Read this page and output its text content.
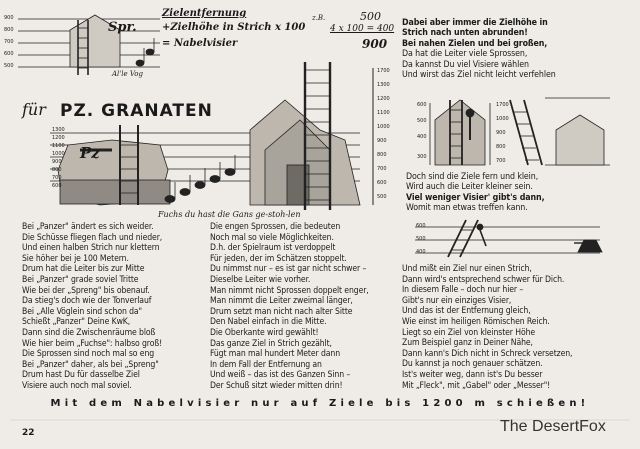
900
800
700
600
500
Spr.
Al'le Vog
Zielentfernung
+Zielhöhe in Strich x 100
= Nabelvisier
z.B.	500
4 x 100 = 400
900
für PZ. GRANATEN
Pz
1300
1200
1100
1000
900
800
700
600
1700
1300
1200
1100
1000
900
800
700
600
500
Fuchs du hast die Gans ge-stoh-len
Dabei aber immer die Zielhöhe in
Strich nach unten abrunden!
Bei nahen Zielen und bei großen,
Da hat die Leiter viele Sprossen,
Da kannst Du viel Visiere wählen
Und wirst das Ziel nicht leicht verfehlen
600
500
400
300
1700
1000
900
800
700
Doch sind die Ziele fern und klein,
Wird auch die Leiter kleiner sein.
Viel weniger Visier' gibt's dann,
Womit man etwas treffen kann.
600
500
400
Bei „Panzer" ändert es sich weider.
Die Schüsse fliegen flach und nieder,
Und einen halben Strich nur klettern
Sie höher bei je 100 Metern.
Drum hat die Leiter bis zur Mitte
Bei „Panzer" grade soviel Tritte
Wie bei der „Spreng" bis obenauf.
Da stieg's doch wie der Tonverlauf
Bei „Alle Vöglein sind schon da"
Schießt „Panzer" Deine KwK,
Dann sind die Zwischenräume bloß
Wie hier beim „Fuchse": halbso groß!
Die Sprossen sind noch mal so eng
Bei „Panzer" daher, als bei „Spreng"
Drum hast Du für dasselbe Ziel
Visiere auch noch mal soviel.
Die engen Sprossen, die bedeuten
Noch mal so viele Möglichkeiten.
D.h. der Spielraum ist verdoppelt
Für jeden, der im Schätzen stoppelt.
Du nimmst nur – es ist gar nicht schwer –
Dieselbe Leiter wie vorher.
Man nimmt nicht Sprossen doppelt enger,
Man nimmt die Leiter zweimal länger,
Drum setzt man nicht nach alter Sitte
Den Nabel einfach in die Mitte.
Die Oberkante wird gewählt!
Das ganze Ziel in Strich gezählt,
Fügt man mal hundert Meter dann
In dem Fall der Entfernung an
Und weiß – das ist des Ganzen Sinn –
Der Schuß sitzt wieder mitten drin!
Und mißt ein Ziel nur einen Strich,
Dann wird's entsprechend schwer für Dich.
In diesem Falle – doch nur hier –
Gibt's nur ein einziges Visier,
Und das ist der Entfernung gleich,
Wie einst im heiligen Römischen Reich.
Liegt so ein Ziel von kleinster Höhe
Zum Beispiel ganz in Deiner Nähe,
Dann kann's Dich nicht in Schreck versetzen,
Du kannst ja noch genauer schätzen.
Ist's weiter weg, dann ist's Du besser
Mit „Fleck", mit „Gabel" oder „Messer"!
Mit dem Nabelvisier nur auf Ziele bis 1200 m schießen!
22	The DesertFox
